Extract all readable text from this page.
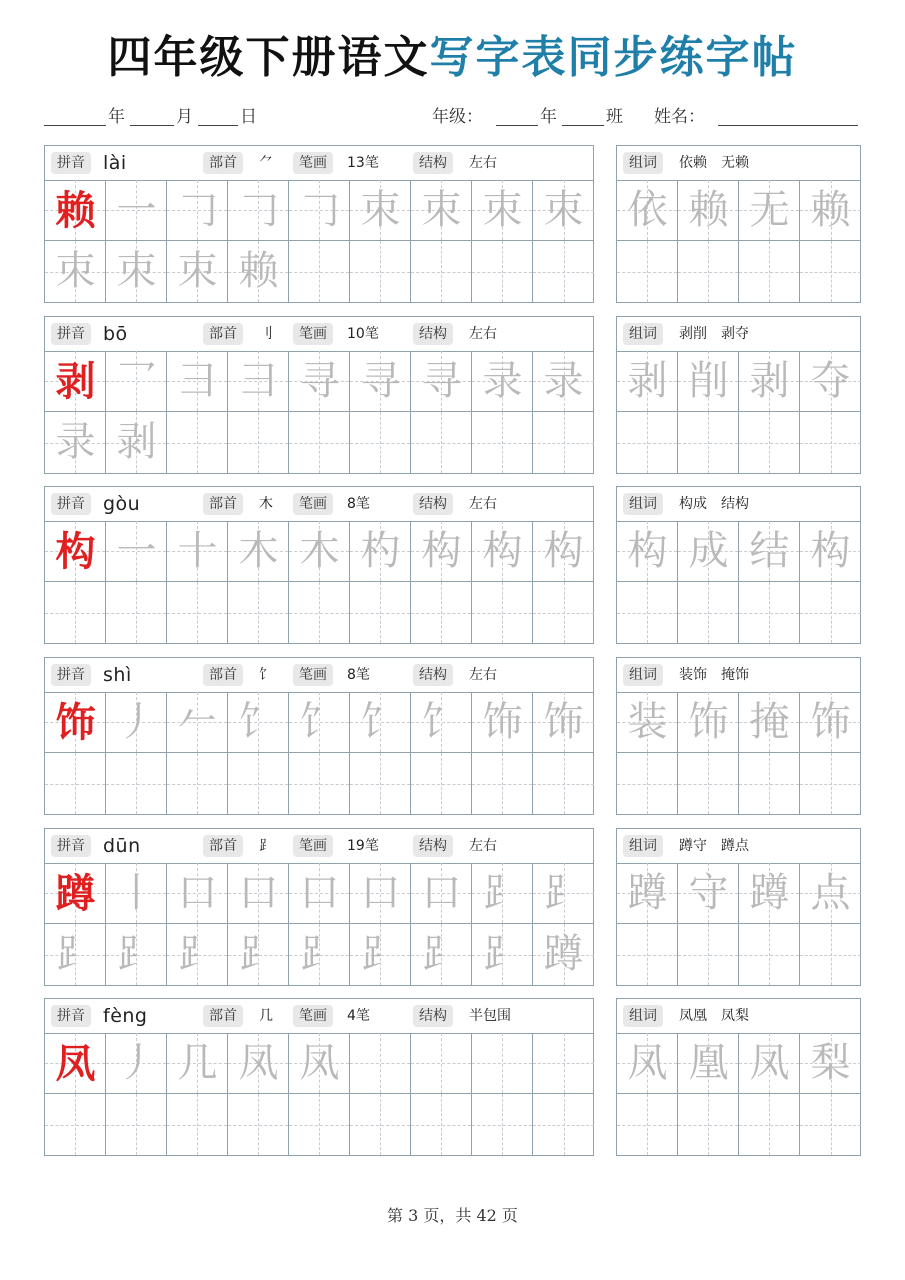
四年级下册语文写字表同步练字帖
年	月	日	年级：	年	班 姓名：
拼音 lài	部首	⺈	笔画	13笔	结构	左右
赖 一 𠃌 𠃌 𠃌 朿 朿 朿 朿
朿 朿 朿 赖
组词	依赖　无赖
依 赖 无 赖
拼音 bō	部首	刂	笔画	10笔	结构	左右
剥 乛 彐 彐 寻 寻 寻 录 录
录 剥
组词	剥削　剥夺
剥 削 剥 夺
拼音 gòu	部首	木	笔画	8笔	结构	左右
构 一 十 木 木 杓 构 构 构
组词	构成　结构
构 成 结 构
拼音 shì	部首	饣	笔画	8笔	结构	左右
饰 丿 𠂉 饣 饣 饣 饣 饰 饰
组词	装饰　掩饰
装 饰 掩 饰
拼音 dūn	部首	⻊	笔画	19笔	结构	左右
蹲 丨 口 口 口 口 口 ⻊ ⻊
⻊ ⻊ ⻊ ⻊ ⻊ ⻊ ⻊ ⻊ 蹲
组词	蹲守　蹲点
蹲 守 蹲 点
拼音 fèng	部首	几	笔画	4笔	结构	半包围
凤 丿 几 凤 凤
组词	凤凰　凤梨
凤 凰 凤 梨
第 3 页，共 42 页
